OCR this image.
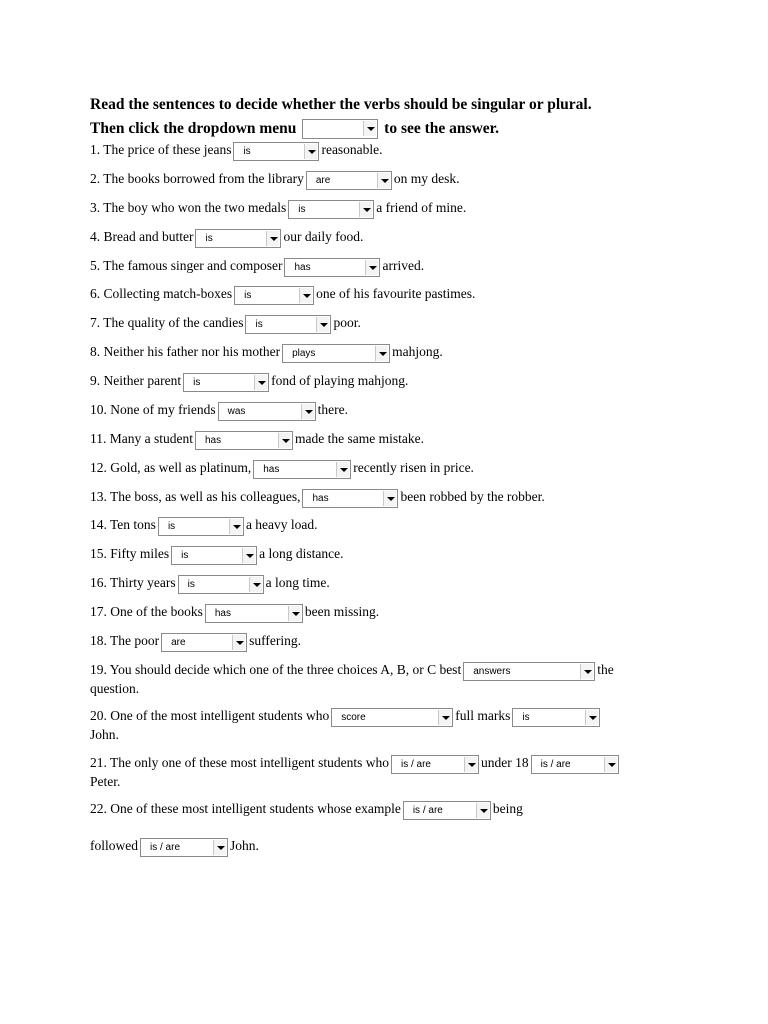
Read the sentences to decide whether the verbs should be singular or plural.
Then click the dropdown menu	to see the answer.
1. The price of these jeans is	reasonable.
2. The books borrowed from the library are	on my desk.
3. The boy who won the two medals is	a friend of mine.
4. Bread and butter is	our daily food.
5. The famous singer and composer has	arrived.
6. Collecting match-boxes is	one of his favourite pastimes.
7. The quality of the candies is	poor.
8. Neither his father nor his mother plays	mahjong.
9. Neither parent is	fond of playing mahjong.
10. None of my friends was	there.
11. Many a student has	made the same mistake.
12. Gold, as well as platinum, has	recently risen in price.
13. The boss, as well as his colleagues, has	been robbed by the robber.
14. Ten tons is	a heavy load.
15. Fifty miles is	a long distance.
16. Thirty years is	a long time.
17. One of the books has	been missing.
18. The poor are	suffering.
19. You should decide which one of the three choices A, B, or C best answers	the
question.
20. One of the most intelligent students who score	full marks is
John.
21. The only one of these most intelligent students who is / are	under 18 is / are
Peter.
22. One of these most intelligent students whose example is / are	being
followed is / are	John.
